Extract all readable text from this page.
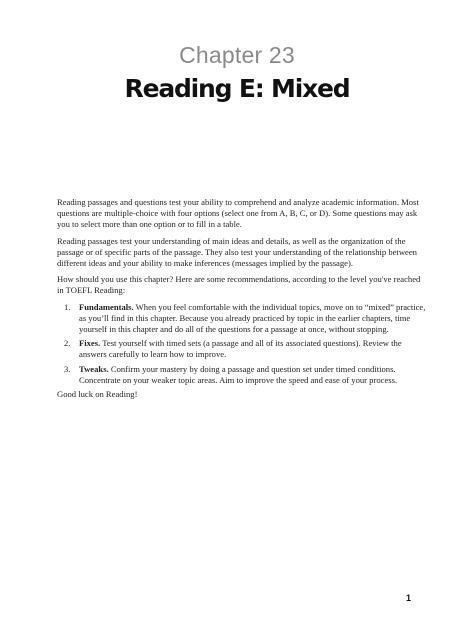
Chapter 23
Reading E: Mixed

Reading passages and questions test your ability to comprehend and analyze academic information. Most questions are multiple-choice with four options (select one from A, B, C, or D). Some questions may ask you to select more than one option or to fill in a table.

Reading passages test your understanding of main ideas and details, as well as the organization of the passage or of specific parts of the passage. They also test your understanding of the relationship between different ideas and your ability to make inferences (messages implied by the passage).

How should you use this chapter? Here are some recommendations, according to the level you've reached in TOEFL Reading:

1. Fundamentals. When you feel comfortable with the individual topics, move on to “mixed” practice, as you’ll find in this chapter. Because you already practiced by topic in the earlier chapters, time yourself in this chapter and do all of the questions for a passage at once, without stopping.
2. Fixes. Test yourself with timed sets (a passage and all of its associated questions). Review the answers carefully to learn how to improve.
3. Tweaks. Confirm your mastery by doing a passage and question set under timed conditions. Concentrate on your weaker topic areas. Aim to improve the speed and ease of your process.

Good luck on Reading!

1
